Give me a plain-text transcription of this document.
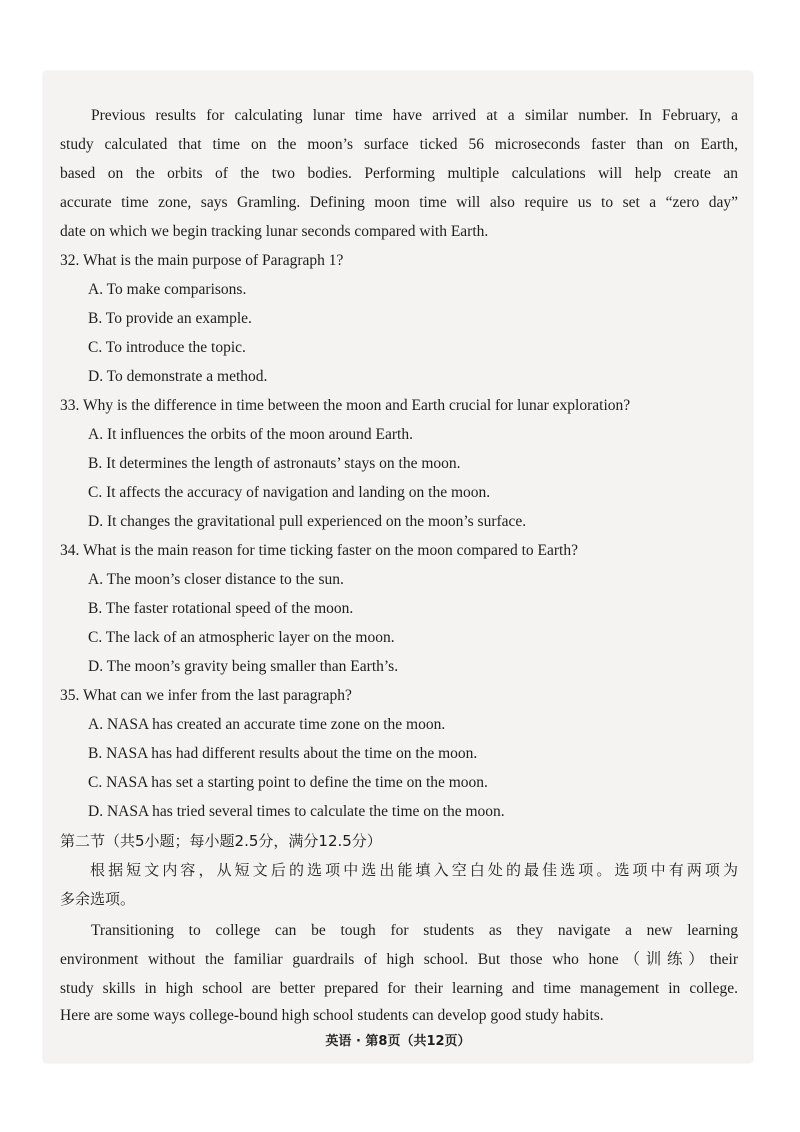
Previous results for calculating lunar time have arrived at a similar number. In February, a
study calculated that time on the moon’s surface ticked 56 microseconds faster than on Earth,
based on the orbits of the two bodies. Performing multiple calculations will help create an
accurate time zone, says Gramling. Defining moon time will also require us to set a “zero day”
date on which we begin tracking lunar seconds compared with Earth.
32. What is the main purpose of Paragraph 1?
A. To make comparisons.
B. To provide an example.
C. To introduce the topic.
D. To demonstrate a method.
33. Why is the difference in time between the moon and Earth crucial for lunar exploration?
A. It influences the orbits of the moon around Earth.
B. It determines the length of astronauts’ stays on the moon.
C. It affects the accuracy of navigation and landing on the moon.
D. It changes the gravitational pull experienced on the moon’s surface.
34. What is the main reason for time ticking faster on the moon compared to Earth?
A. The moon’s closer distance to the sun.
B. The faster rotational speed of the moon.
C. The lack of an atmospheric layer on the moon.
D. The moon’s gravity being smaller than Earth’s.
35. What can we infer from the last paragraph?
A. NASA has created an accurate time zone on the moon.
B. NASA has had different results about the time on the moon.
C. NASA has set a starting point to define the time on the moon.
D. NASA has tried several times to calculate the time on the moon.
第二节（共5小题；每小题2.5分，满分12.5分）
根据短文内容，从短文后的选项中选出能填入空白处的最佳选项。选项中有两项为
多余选项。
Transitioning to college can be tough for students as they navigate a new learning
environment without the familiar guardrails of high school. But those who hone（训练）their
study skills in high school are better prepared for their learning and time management in college.
Here are some ways college-bound high school students can develop good study habits.
英语 · 第8页（共12页）
